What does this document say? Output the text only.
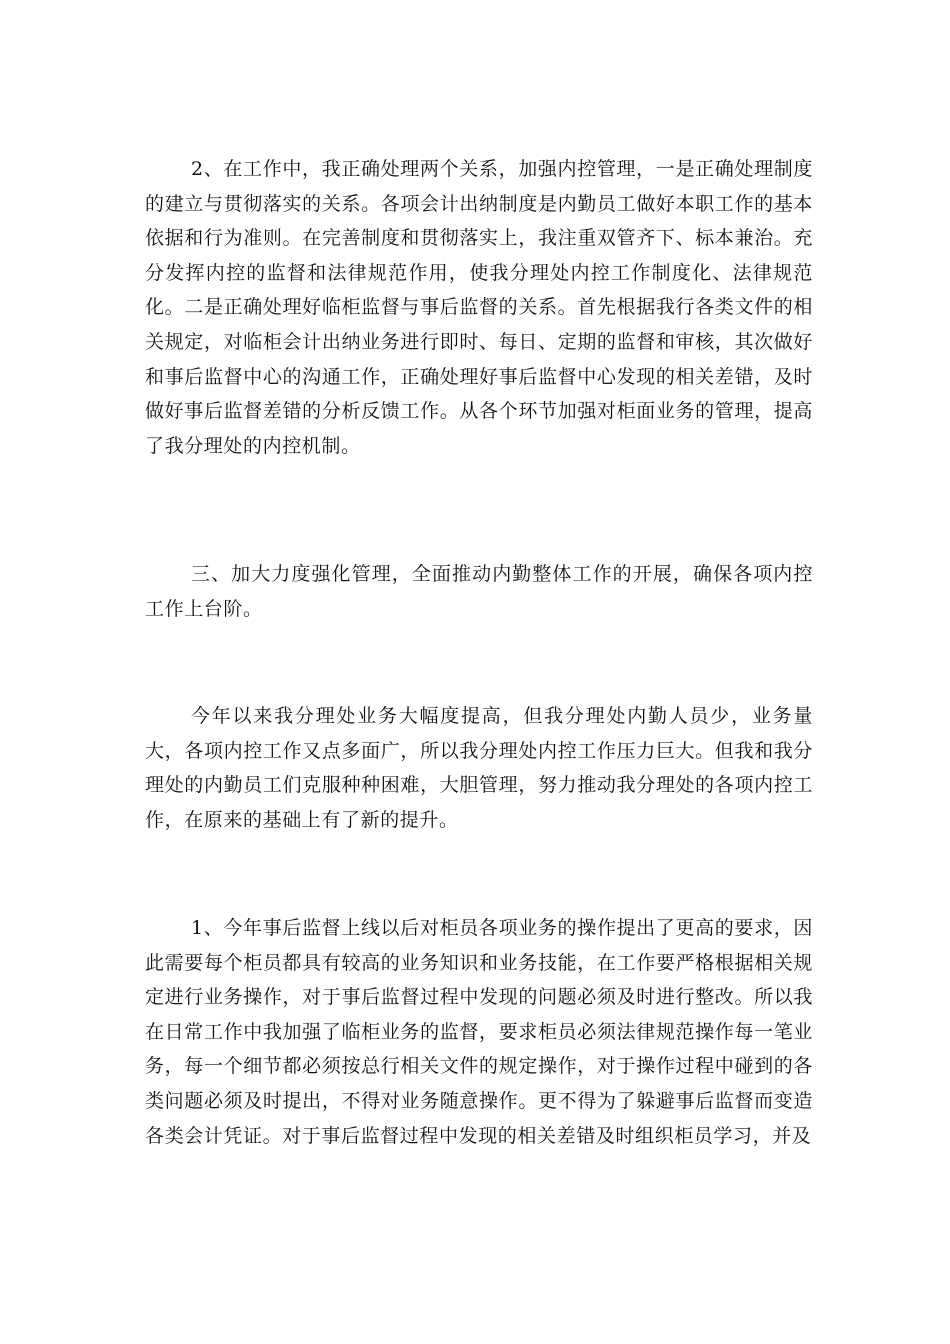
2、在工作中，我正确处理两个关系，加强内控管理，一是正确处理制度的建立与贯彻落实的关系。各项会计出纳制度是内勤员工做好本职工作的基本依据和行为准则。在完善制度和贯彻落实上，我注重双管齐下、标本兼治。充分发挥内控的监督和法律规范作用，使我分理处内控工作制度化、法律规范化。二是正确处理好临柜监督与事后监督的关系。首先根据我行各类文件的相关规定，对临柜会计出纳业务进行即时、每日、定期的监督和审核，其次做好和事后监督中心的沟通工作，正确处理好事后监督中心发现的相关差错，及时做好事后监督差错的分析反馈工作。从各个环节加强对柜面业务的管理，提高了我分理处的内控机制。

三、加大力度强化管理，全面推动内勤整体工作的开展，确保各项内控工作上台阶。

今年以来我分理处业务大幅度提高，但我分理处内勤人员少，业务量大，各项内控工作又点多面广，所以我分理处内控工作压力巨大。但我和我分理处的内勤员工们克服种种困难，大胆管理，努力推动我分理处的各项内控工作，在原来的基础上有了新的提升。

1、今年事后监督上线以后对柜员各项业务的操作提出了更高的要求，因此需要每个柜员都具有较高的业务知识和业务技能，在工作要严格根据相关规定进行业务操作，对于事后监督过程中发现的问题必须及时进行整改。所以我在日常工作中我加强了临柜业务的监督，要求柜员必须法律规范操作每一笔业务，每一个细节都必须按总行相关文件的规定操作，对于操作过程中碰到的各类问题必须及时提出，不得对业务随意操作。更不得为了躲避事后监督而变造各类会计凭证。对于事后监督过程中发现的相关差错及时组织柜员学习，并及
